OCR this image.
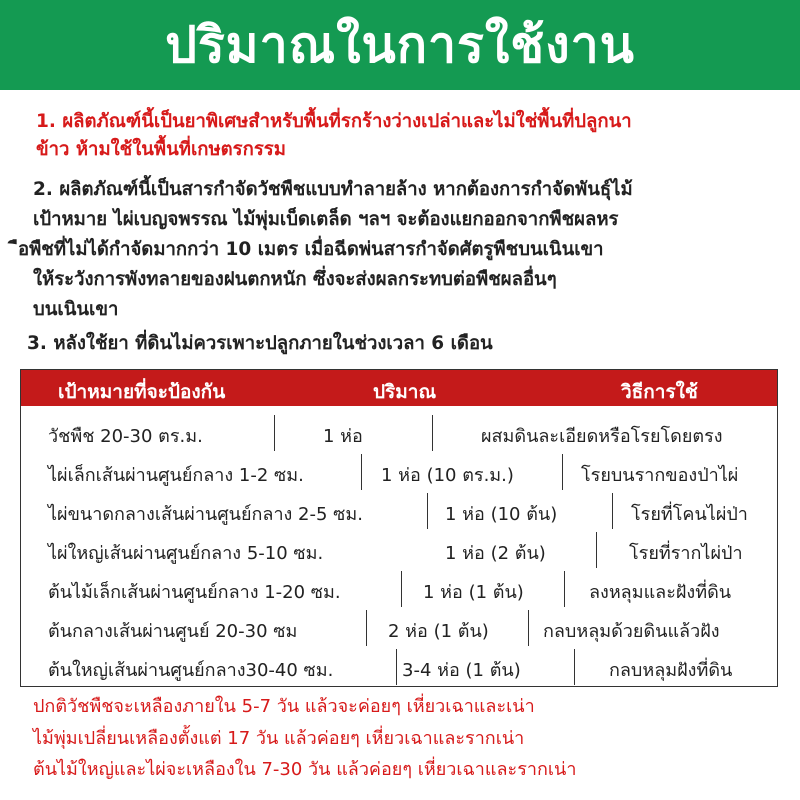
ปริมาณในการใช้งาน
1. ผลิตภัณฑ์นี้เป็นยาพิเศษสำหรับพื้นที่รกร้างว่างเปล่าและไม่ใช่พื้นที่ปลูกนา
ข้าว ห้ามใช้ในพื้นที่เกษตรกรรม
2. ผลิตภัณฑ์นี้เป็นสารกำจัดวัชพืชแบบทำลายล้าง หากต้องการกำจัดพันธุ์ไม้
เป้าหมาย ไผ่เบญจพรรณ ไม้พุ่มเบ็ดเตล็ด ฯลฯ จะต้องแยกออกจากพืชผลหร
ือพืชที่ไม่ได้กำจัดมากกว่า 10 เมตร เมื่อฉีดพ่นสารกำจัดศัตรูพืชบนเนินเขา
ให้ระวังการพังทลายของฝนตกหนัก ซึ่งจะส่งผลกระทบต่อพืชผลอื่นๆ
บนเนินเขา
3. หลังใช้ยา ที่ดินไม่ควรเพาะปลูกภายในช่วงเวลา 6 เดือน
เป้าหมายที่จะป้องกัน	ปริมาณ	วิธีการใช้
วัชพืช 20-30 ตร.ม.	1 ห่อ	ผสมดินละเอียดหรือโรยโดยตรง
ไผ่เล็กเส้นผ่านศูนย์กลาง 1-2 ซม.	1 ห่อ (10 ตร.ม.)	โรยบนรากของป่าไผ่
ไผ่ขนาดกลางเส้นผ่านศูนย์กลาง 2-5 ซม.	1 ห่อ (10 ต้น)	โรยที่โคนไผ่ป่า
ไผ่ใหญ่เส้นผ่านศูนย์กลาง 5-10 ซม.	1 ห่อ (2 ต้น)	โรยที่รากไผ่ป่า
ต้นไม้เล็กเส้นผ่านศูนย์กลาง 1-20 ซม.	1 ห่อ (1 ต้น)	ลงหลุมและฝังที่ดิน
ต้นกลางเส้นผ่านศูนย์ 20-30 ซม	2 ห่อ (1 ต้น)	กลบหลุมด้วยดินแล้วฝัง
ต้นใหญ่เส้นผ่านศูนย์กลาง30-40 ซม.	3-4 ห่อ (1 ต้น)	กลบหลุมฝังที่ดิน
ปกติวัชพืชจะเหลืองภายใน 5-7 วัน แล้วจะค่อยๆ เหี่ยวเฉาและเน่า
ไม้พุ่มเปลี่ยนเหลืองตั้งแต่ 17 วัน แล้วค่อยๆ เหี่ยวเฉาและรากเน่า
ต้นไม้ใหญ่และไผ่จะเหลืองใน 7-30 วัน แล้วค่อยๆ เหี่ยวเฉาและรากเน่า
